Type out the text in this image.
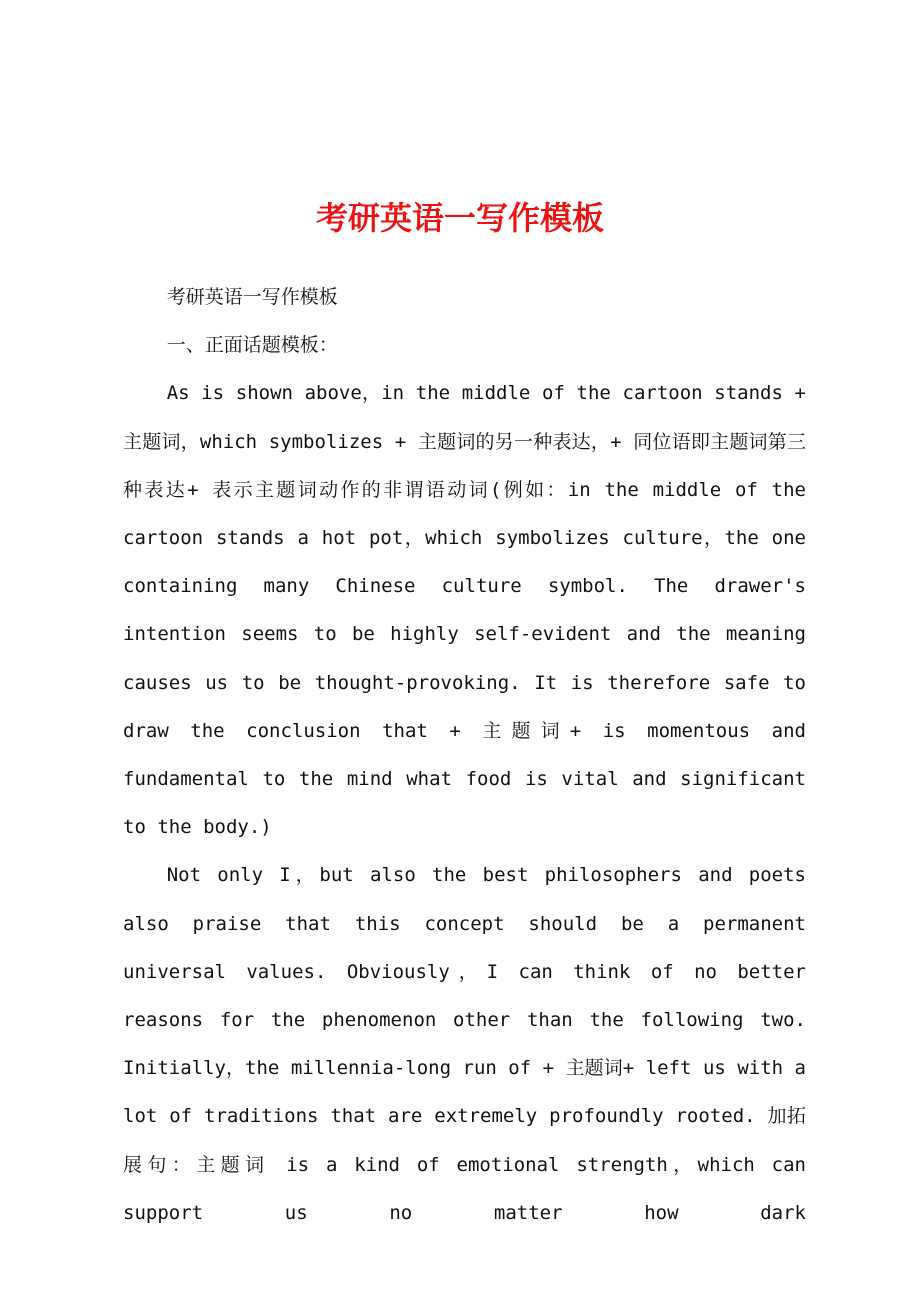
考研英语一写作模板

考研英语一写作模板

一、正面话题模板：

As is shown above，in the middle of the cartoon stands + 主题词，which symbolizes + 主题词的另一种表达，+ 同位语即主题词第三种表达+ 表示主题词动作的非谓语动词(例如：in the middle of the cartoon stands a hot pot，which symbolizes culture，the one containing many Chinese culture symbol. The drawer's intention seems to be highly self-evident and the meaning causes us to be thought-provoking. It is therefore safe to draw the conclusion that + 主题词+ is momentous and fundamental to the mind what food is vital and significant to the body.)

Not only I，but also the best philosophers and poets also praise that this concept should be a permanent universal values. Obviously，I can think of no better reasons for the phenomenon other than the following two. Initially，the millennia-long run of + 主题词+ left us with a lot of traditions that are extremely profoundly rooted. 加拓展句：主题词 is a kind of emotional strength，which can support us no matter how dark
